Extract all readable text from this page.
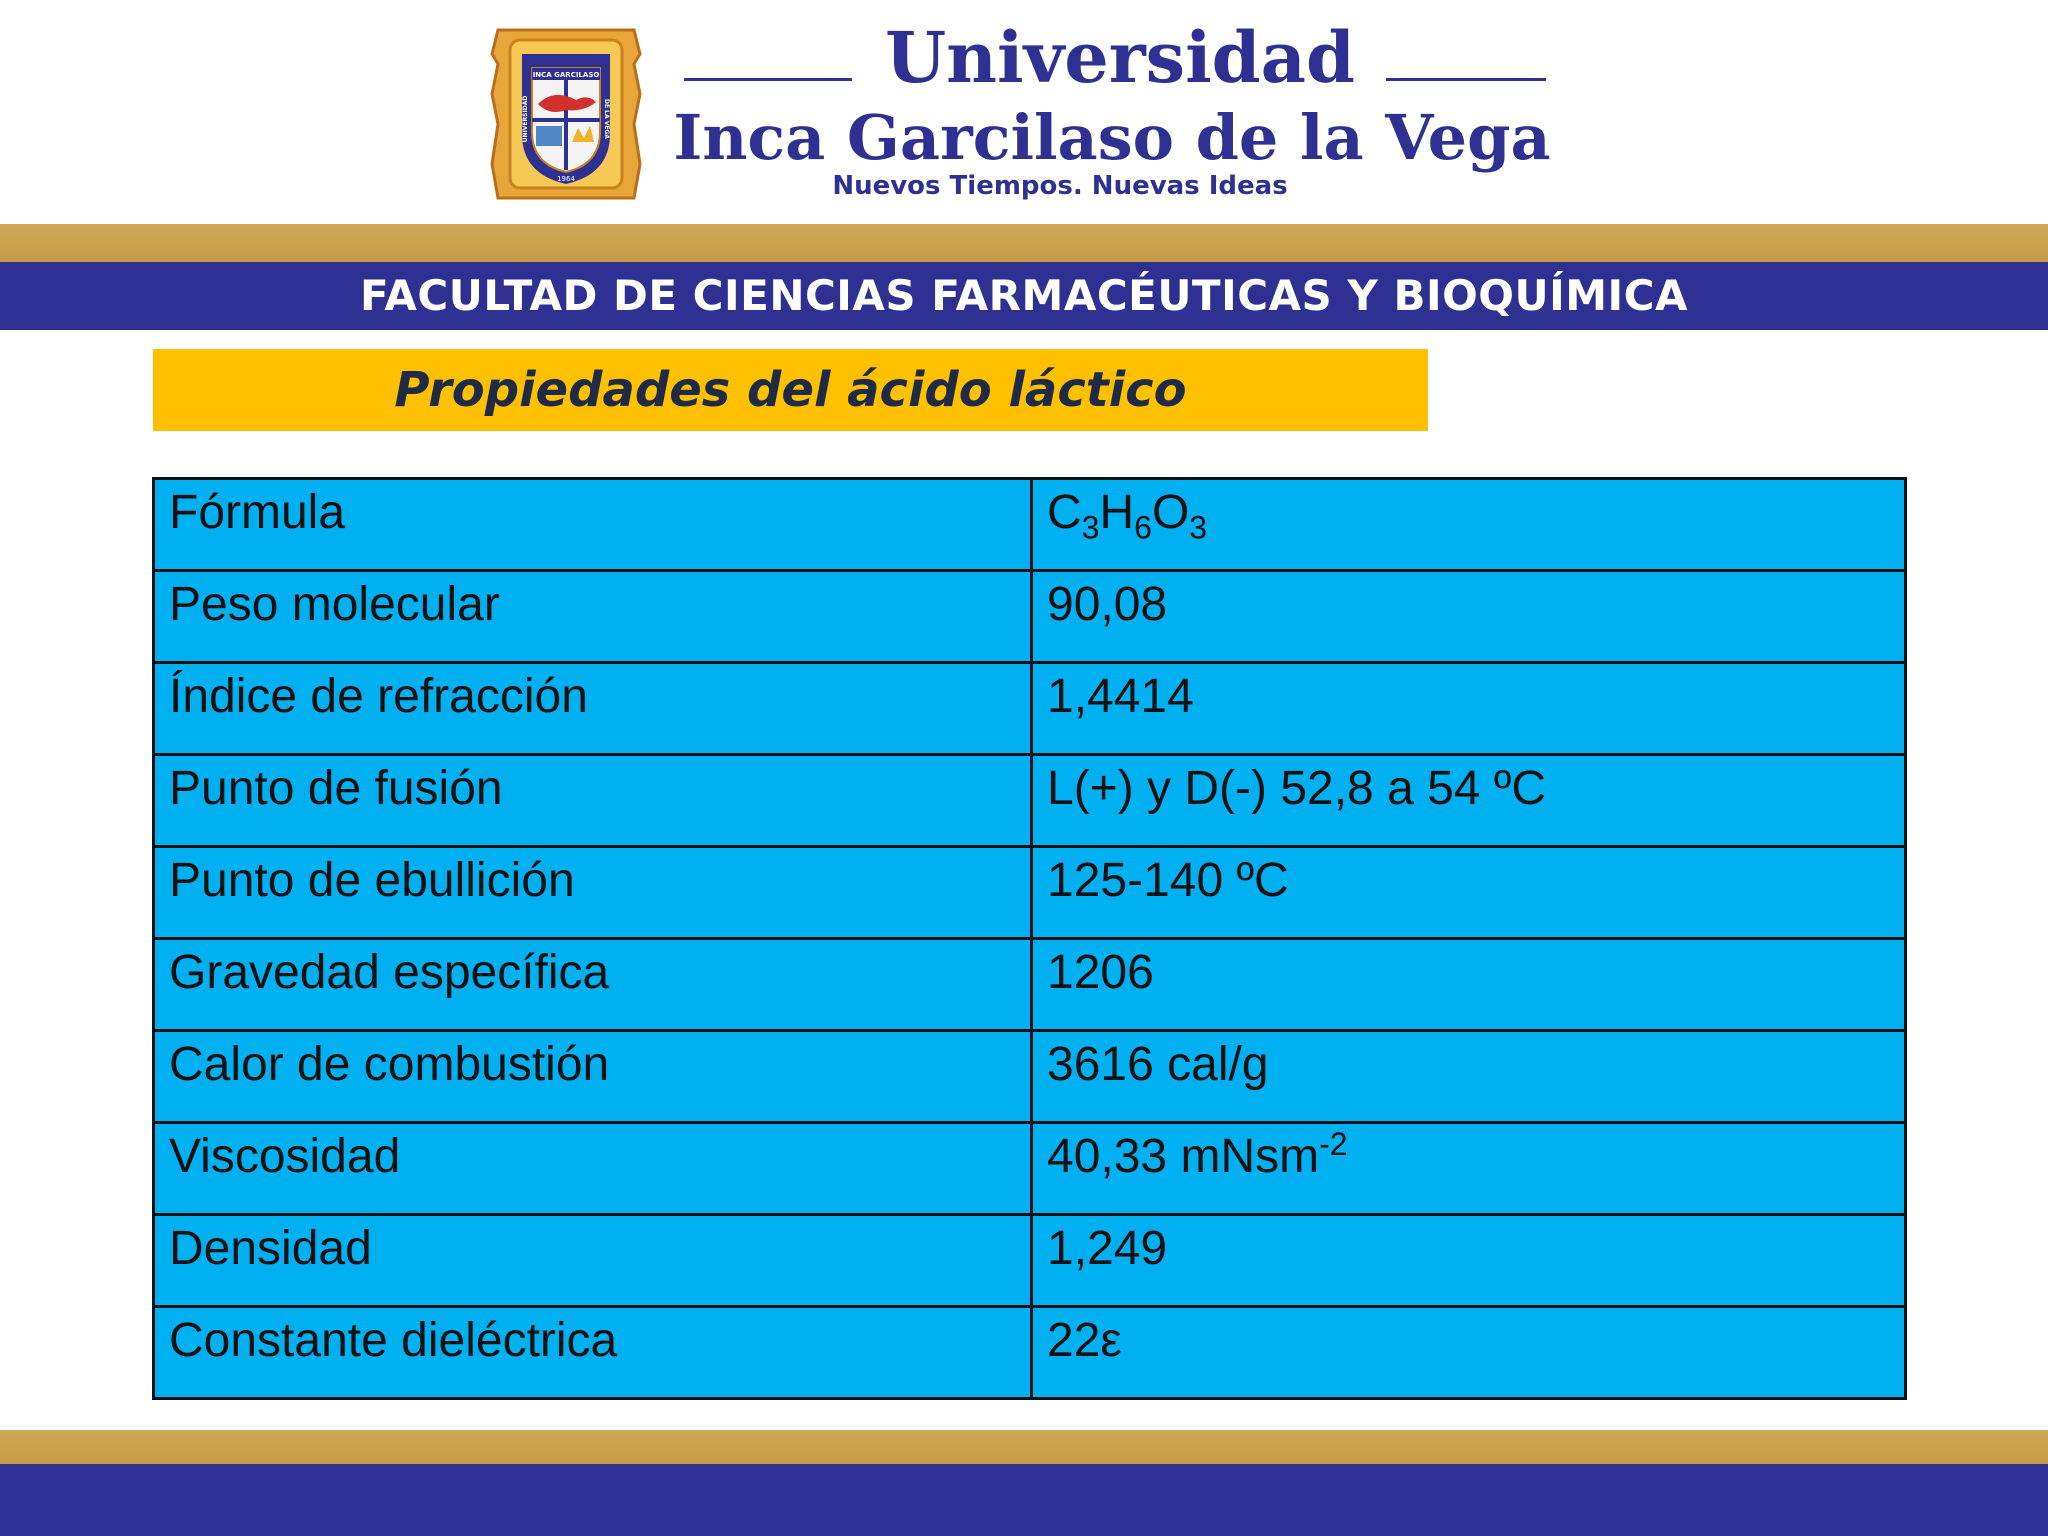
INCA GARCILASO
UNIVERSIDAD	DE LA VEGA
1964
Universidad
Inca Garcilaso de la Vega
Nuevos Tiempos. Nuevas Ideas
FACULTAD DE CIENCIAS FARMACÉUTICAS Y BIOQUÍMICA
Propiedades del ácido láctico
Fórmula	$C_3H_6O_3$
Peso molecular	90,08
Índice de refracción	1,4414
Punto de fusión	L(+) y D(-) 52,8 a 54 ºC
Punto de ebullición	125-140 ºC
Gravedad específica	1206
Calor de combustión	3616 cal/g
Viscosidad	40,33 mNsm$^{-2}$
Densidad	1,249
Constante dieléctrica	22ε
